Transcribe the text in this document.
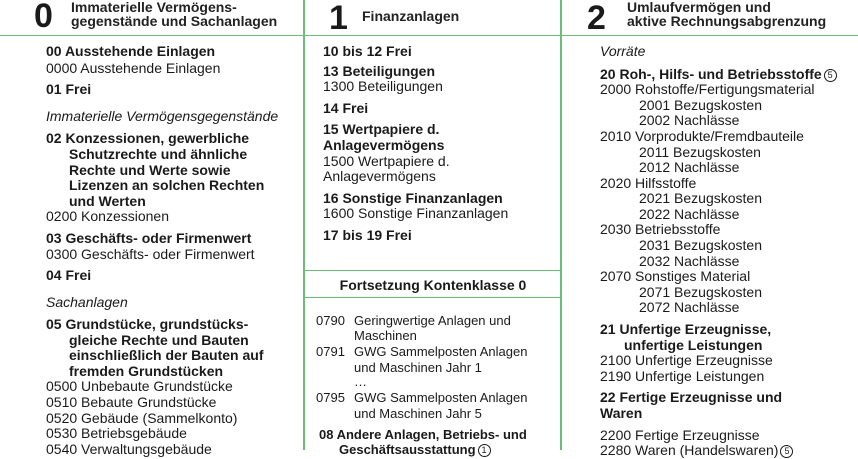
0 Immaterielle Vermögens-
gegenstände und Sachanlagen
00 Ausstehende Einlagen
0000 Ausstehende Einlagen
01 Frei
Immaterielle Vermögensgegenstände
02 Konzessionen, gewerbliche
Schutzrechte und ähnliche
Rechte und Werte sowie
Lizenzen an solchen Rechten
und Werten
0200 Konzessionen
03 Geschäfts- oder Firmenwert
0300 Geschäfts- oder Firmenwert
04 Frei
Sachanlagen
05 Grundstücke, grundstücks-
gleiche Rechte und Bauten
einschließlich der Bauten auf
fremden Grundstücken
0500 Unbebaute Grundstücke
0510 Bebaute Grundstücke
0520 Gebäude (Sammelkonto)
0530 Betriebsgebäude
0540 Verwaltungsgebäude
1 Finanzanlagen
10 bis 12 Frei
13 Beteiligungen
1300 Beteiligungen
14 Frei
15 Wertpapiere d.
Anlagevermögens
1500 Wertpapiere d.
Anlagevermögens
16 Sonstige Finanzanlagen
1600 Sonstige Finanzanlagen
17 bis 19 Frei
Fortsetzung Kontenklasse 0
0790 Geringwertige Anlagen und
Maschinen
0791 GWG Sammelposten Anlagen
und Maschinen Jahr 1
…
0795 GWG Sammelposten Anlagen
und Maschinen Jahr 5
08 Andere Anlagen, Betriebs- und
Geschäftsausstattung 1
2 Umlaufvermögen und
aktive Rechnungsabgrenzung
Vorräte
20 Roh-, Hilfs- und Betriebsstoffe 5
2000 Rohstoffe/Fertigungsmaterial
2001 Bezugskosten
2002 Nachlässe
2010 Vorprodukte/Fremdbauteile
2011 Bezugskosten
2012 Nachlässe
2020 Hilfsstoffe
2021 Bezugskosten
2022 Nachlässe
2030 Betriebsstoffe
2031 Bezugskosten
2032 Nachlässe
2070 Sonstiges Material
2071 Bezugskosten
2072 Nachlässe
21 Unfertige Erzeugnisse,
unfertige Leistungen
2100 Unfertige Erzeugnisse
2190 Unfertige Leistungen
22 Fertige Erzeugnisse und
Waren
2200 Fertige Erzeugnisse
2280 Waren (Handelswaren) 5
